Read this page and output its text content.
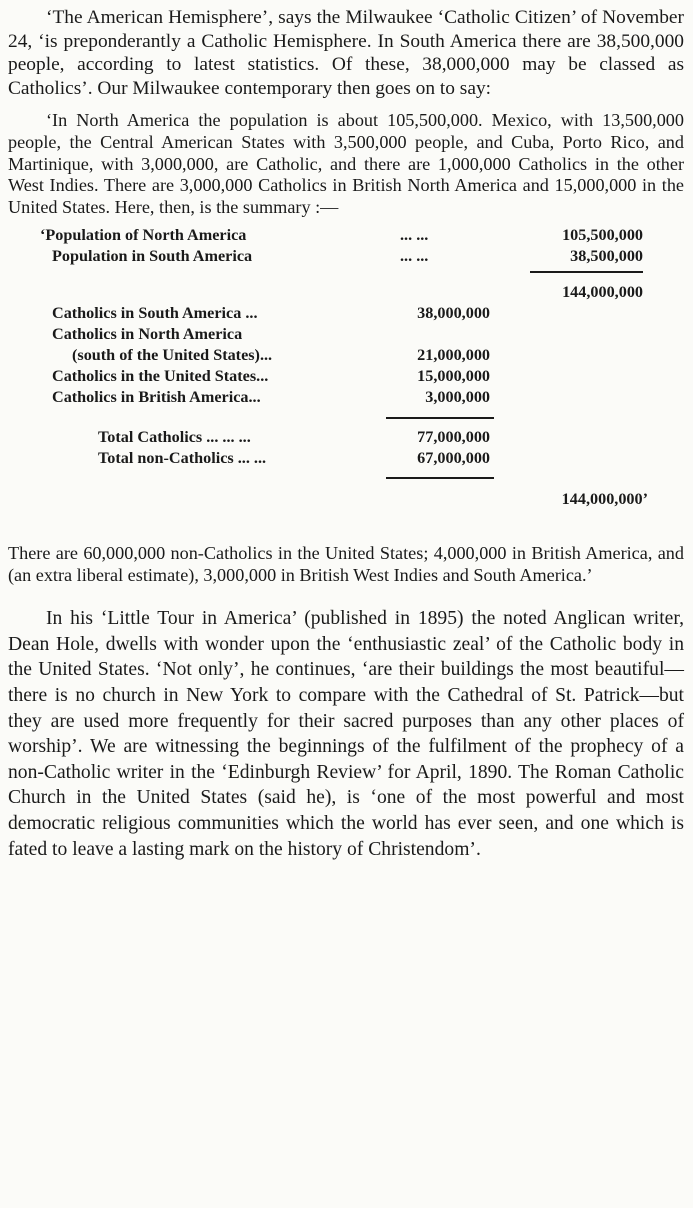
‘The American Hemisphere’, says the Milwaukee ‘Catholic Citizen’ of November 24, ‘is preponderantly a Catholic Hemisphere. In South America there are 38,500,000 people, according to latest statistics. Of these, 38,000,000 may be classed as Catholics’. Our Milwaukee contemporary then goes on to say:

‘In North America the population is about 105,500,000. Mexico, with 13,500,000 people, the Central American States with 3,500,000 people, and Cuba, Porto Rico, and Martinique, with 3,000,000, are Catholic, and there are 1,000,000 Catholics in the other West Indies. There are 3,000,000 Catholics in British North America and 15,000,000 in the United States. Here, then, is the summary :—

‘Population of North America	... ...	105,500,000
Population in South America	... ...	38,500,000
144,000,000
Catholics in South America ...	38,000,000
Catholics in North America
(south of the United States)...	21,000,000
Catholics in the United States...	15,000,000
Catholics in British America...	3,000,000
Total Catholics ... ... ...	77,000,000
Total non-Catholics ... ...	67,000,000
144,000,000’

There are 60,000,000 non-Catholics in the United States; 4,000,000 in British America, and (an extra liberal estimate), 3,000,000 in British West Indies and South America.’

In his ‘Little Tour in America’ (published in 1895) the noted Anglican writer, Dean Hole, dwells with wonder upon the ‘enthusiastic zeal’ of the Catholic body in the United States. ‘Not only’, he continues, ‘are their buildings the most beautiful—there is no church in New York to compare with the Cathedral of St. Patrick—but they are used more frequently for their sacred purposes than any other places of worship’. We are witnessing the beginnings of the fulfilment of the prophecy of a non-Catholic writer in the ‘Edinburgh Review’ for April, 1890. The Roman Catholic Church in the United States (said he), is ‘one of the most powerful and most democratic religious communities which the world has ever seen, and one which is fated to leave a lasting mark on the history of Christendom’.
